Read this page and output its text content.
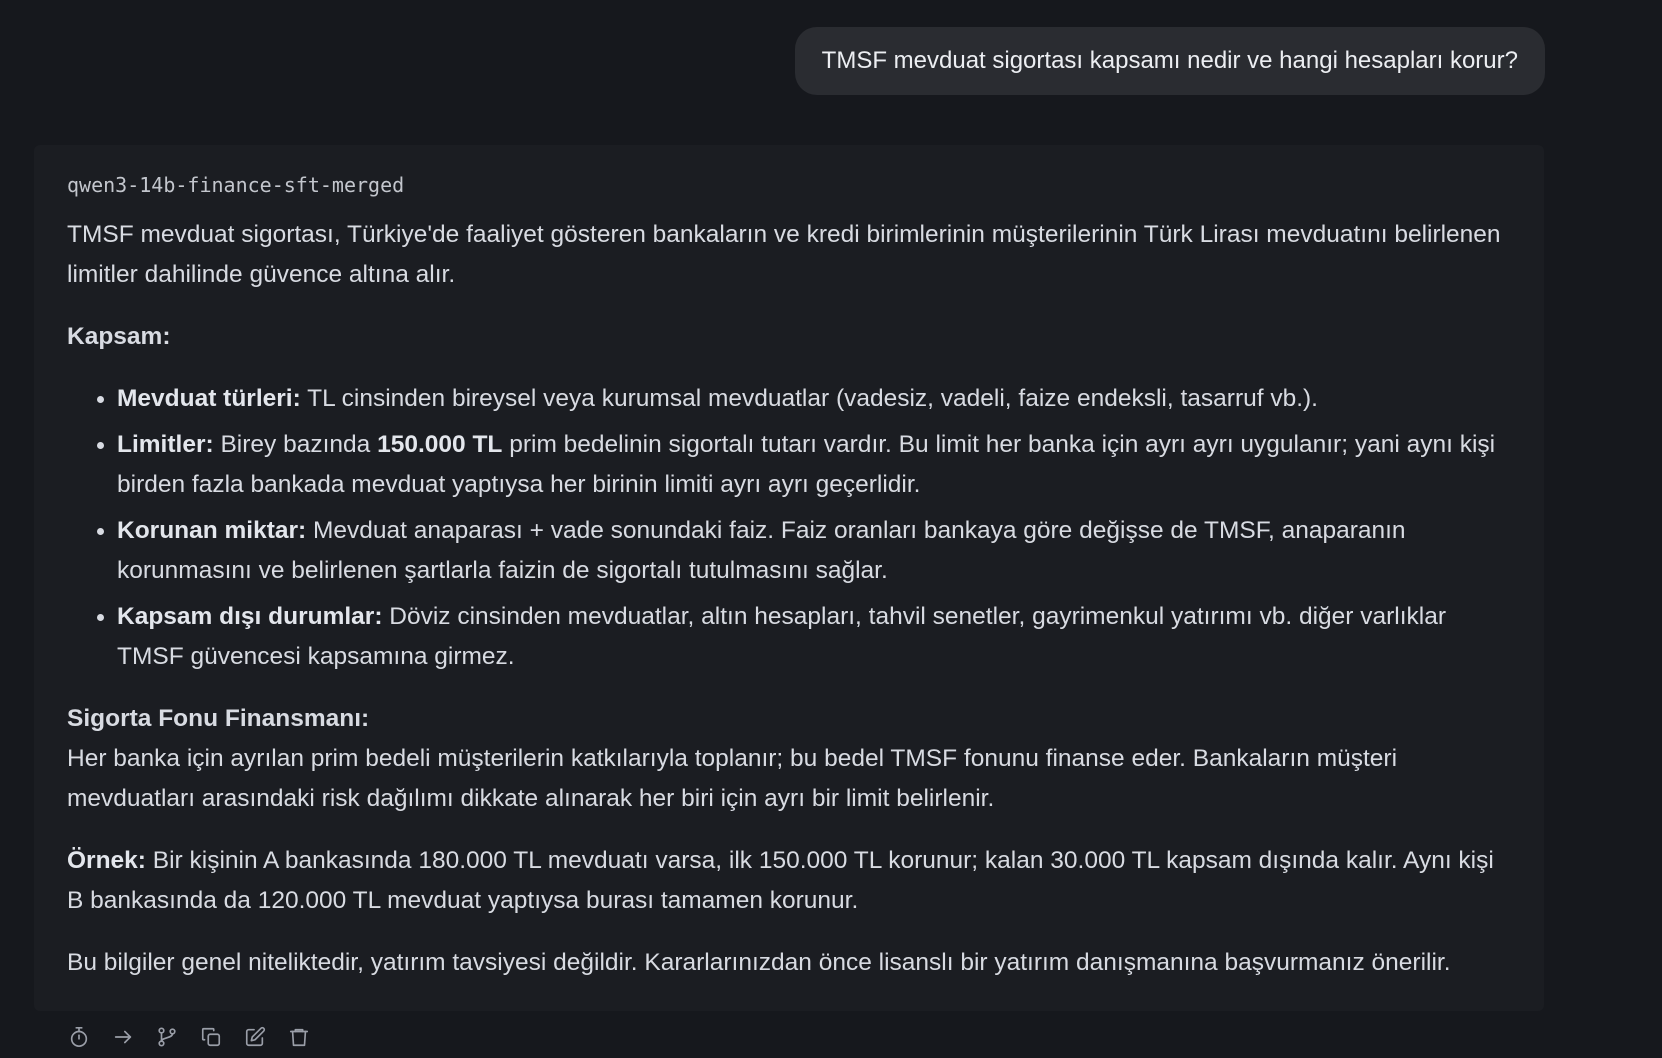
TMSF mevduat sigortası kapsamı nedir ve hangi hesapları korur?
qwen3-14b-finance-sft-merged

TMSF mevduat sigortası, Türkiye'de faaliyet gösteren bankaların ve kredi birimlerinin müşterilerinin Türk Lirası mevduatını belirlenen limitler dahilinde güvence altına alır.

Kapsam:

• Mevduat türleri: TL cinsinden bireysel veya kurumsal mevduatlar (vadesiz, vadeli, faize endeksli, tasarruf vb.).
• Limitler: Birey bazında 150.000 TL prim bedelinin sigortalı tutarı vardır. Bu limit her banka için ayrı ayrı uygulanır; yani aynı kişi birden fazla bankada mevduat yaptıysa her birinin limiti ayrı ayrı geçerlidir.
• Korunan miktar: Mevduat anaparası + vade sonundaki faiz. Faiz oranları bankaya göre değişse de TMSF, anaparanın korunmasını ve belirlenen şartlarla faizin de sigortalı tutulmasını sağlar.
• Kapsam dışı durumlar: Döviz cinsinden mevduatlar, altın hesapları, tahvil senetler, gayrimenkul yatırımı vb. diğer varlıklar TMSF güvencesi kapsamına girmez.

Sigorta Fonu Finansmanı:

Her banka için ayrılan prim bedeli müşterilerin katkılarıyla toplanır; bu bedel TMSF fonunu finanse eder. Bankaların müşteri mevduatları arasındaki risk dağılımı dikkate alınarak her biri için ayrı bir limit belirlenir.

Örnek: Bir kişinin A bankasında 180.000 TL mevduatı varsa, ilk 150.000 TL korunur; kalan 30.000 TL kapsam dışında kalır. Aynı kişi B bankasında da 120.000 TL mevduat yaptıysa burası tamamen korunur.

Bu bilgiler genel niteliktedir, yatırım tavsiyesi değildir. Kararlarınızdan önce lisanslı bir yatırım danışmanına başvurmanız önerilir.
